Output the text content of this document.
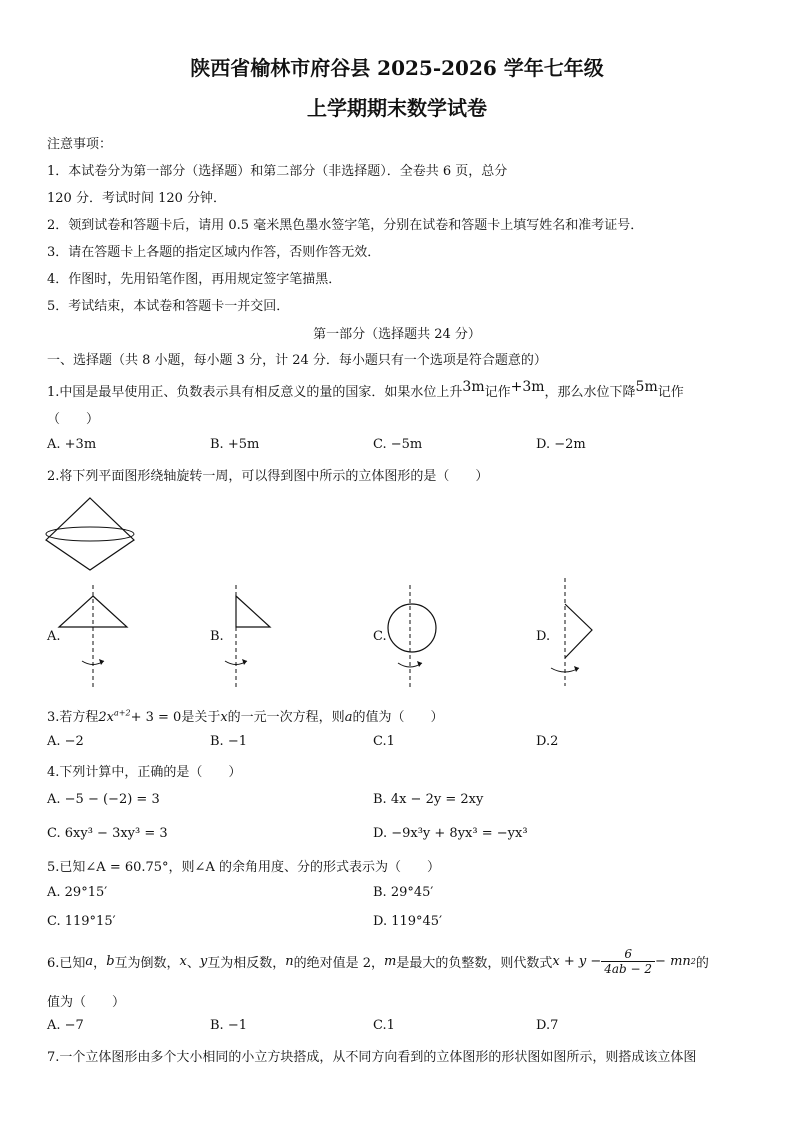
陕西省榆林市府谷县 2025-2026 学年七年级
上学期期末数学试卷
注意事项：
1．本试卷分为第一部分（选择题）和第二部分（非选择题）．全卷共 6 页，总分
120 分．考试时间 120 分钟．
2．领到试卷和答题卡后，请用 0.5 毫米黑色墨水签字笔，分别在试卷和答题卡上填写姓名和准考证号．
3．请在答题卡上各题的指定区域内作答，否则作答无效．
4．作图时，先用铅笔作图，再用规定签字笔描黑．
5．考试结束，本试卷和答题卡一并交回．
第一部分（选择题共 24 分）
一、选择题（共 8 小题，每小题 3 分，计 24 分．每小题只有一个选项是符合题意的）
1.中国是最早使用正、负数表示具有相反意义的量的国家．如果水位上升3m记作+3m，那么水位下降5m记作
（　　）
A. +3m	B. +5m	C. −5m	D. −2m
2.将下列平面图形绕轴旋转一周，可以得到图中所示的立体图形的是（　　）
A.	B.	C.	D.
3.若方程$2x^{a+2}+ 3 = 0$是关于x的一元一次方程，则a的值为（　　）
A. −2	B. −1	C.1	D.2
4.下列计算中，正确的是（　　）
A. −5 − (−2) = 3	B. 4x − 2y = 2xy
C. 6xy³ − 3xy³ = 3	D. −9x³y + 8yx³ = −yx³
5.已知∠A = 60.75°，则∠A 的余角用度、分的形式表示为（　　）
A. 29°15′	B. 29°45′
C. 119°15′	D. 119°45′
6.已知 a ， b 互为倒数， x 、 y 互为相反数， n 的绝对值是 2， m 是最大的负整数，则代数式 $x + y - \frac{6}{4ab - 2}$ − mn 2 的
值为（　　）
A. −7	B. −1	C.1	D.7
7.一个立体图形由多个大小相同的小立方块搭成，从不同方向看到的立体图形的形状图如图所示，则搭成该立体图
